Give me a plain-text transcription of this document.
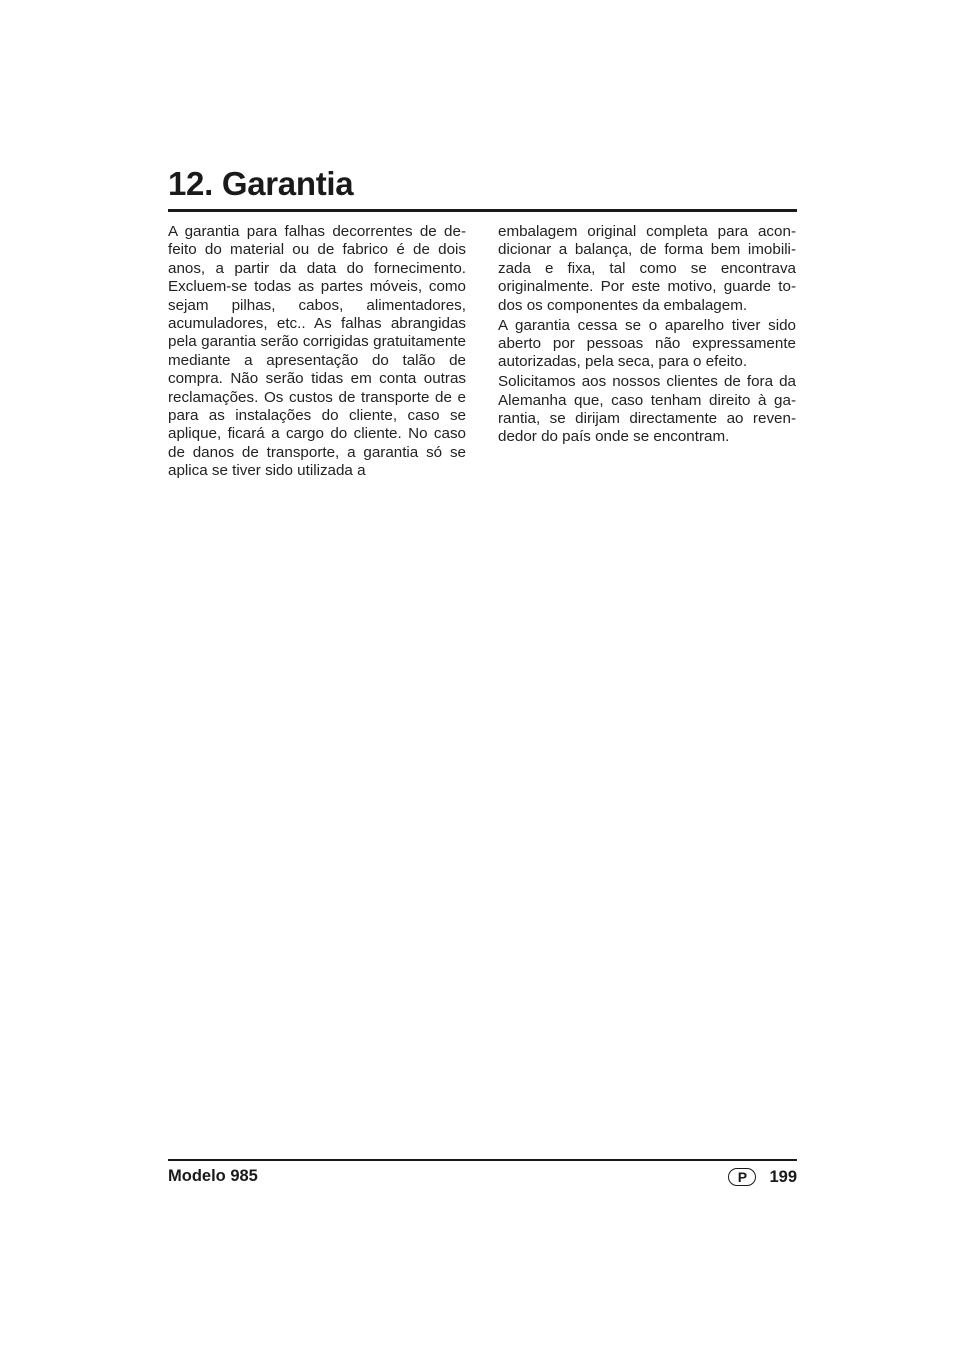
12. Garantia

A garantia para falhas decorrentes de defeito do material ou de fabrico é de dois anos, a partir da data do fornecimento. Excluem-se todas as partes móveis, como sejam pilhas, cabos, alimentadores, acumuladores, etc.. As falhas abrangidas pela garantia serão corrigidas gratuitamente mediante a apresentação do talão de compra. Não serão tidas em conta outras reclamações. Os custos de transporte de e para as instalações do cliente, caso se aplique, ficará a cargo do cliente. No caso de danos de transporte, a garantia só se aplica se tiver sido utilizada a

embalagem original completa para acondicionar a balança, de forma bem imobilizada e fixa, tal como se encontrava originalmente. Por este motivo, guarde todos os componentes da embalagem.

A garantia cessa se o aparelho tiver sido aberto por pessoas não expressamente autorizadas, pela seca, para o efeito.

Solicitamos aos nossos clientes de fora da Alemanha que, caso tenham direito à garantia, se dirijam directamente ao revendedor do país onde se encontram.

Modelo 985	P	199
